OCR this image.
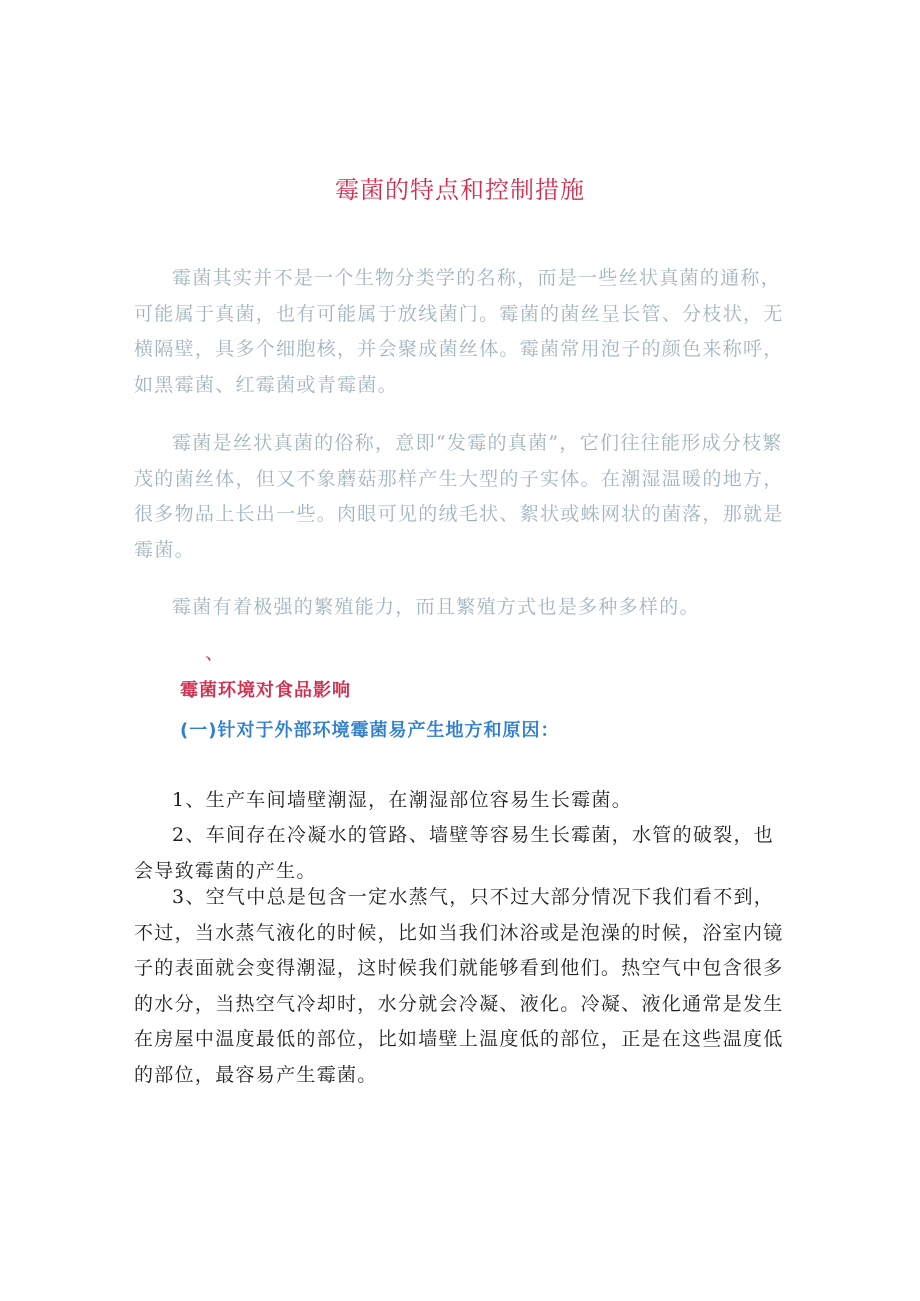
霉菌的特点和控制措施

霉菌其实并不是一个生物分类学的名称，而是一些丝状真菌的通称，可能属于真菌，也有可能属于放线菌门。霉菌的菌丝呈长管、分枝状，无横隔壁，具多个细胞核，并会聚成菌丝体。霉菌常用泡子的颜色来称呼，如黑霉菌、红霉菌或青霉菌。

霉菌是丝状真菌的俗称，意即“发霉的真菌”，它们往往能形成分枝繁茂的菌丝体，但又不象蘑菇那样产生大型的子实体。在潮湿温暖的地方，很多物品上长出一些。肉眼可见的绒毛状、絮状或蛛网状的菌落，那就是霉菌。

霉菌有着极强的繁殖能力，而且繁殖方式也是多种多样的。

、
霉菌环境对食品影响
(一)针对于外部环境霉菌易产生地方和原因：

1、生产车间墙壁潮湿，在潮湿部位容易生长霉菌。

2、车间存在冷凝水的管路、墙壁等容易生长霉菌，水管的破裂，也会导致霉菌的产生。

3、空气中总是包含一定水蒸气，只不过大部分情况下我们看不到，不过，当水蒸气液化的时候，比如当我们沐浴或是泡澡的时候，浴室内镜子的表面就会变得潮湿，这时候我们就能够看到他们。热空气中包含很多的水分，当热空气冷却时，水分就会冷凝、液化。冷凝、液化通常是发生在房屋中温度最低的部位，比如墙壁上温度低的部位，正是在这些温度低的部位，最容易产生霉菌。
